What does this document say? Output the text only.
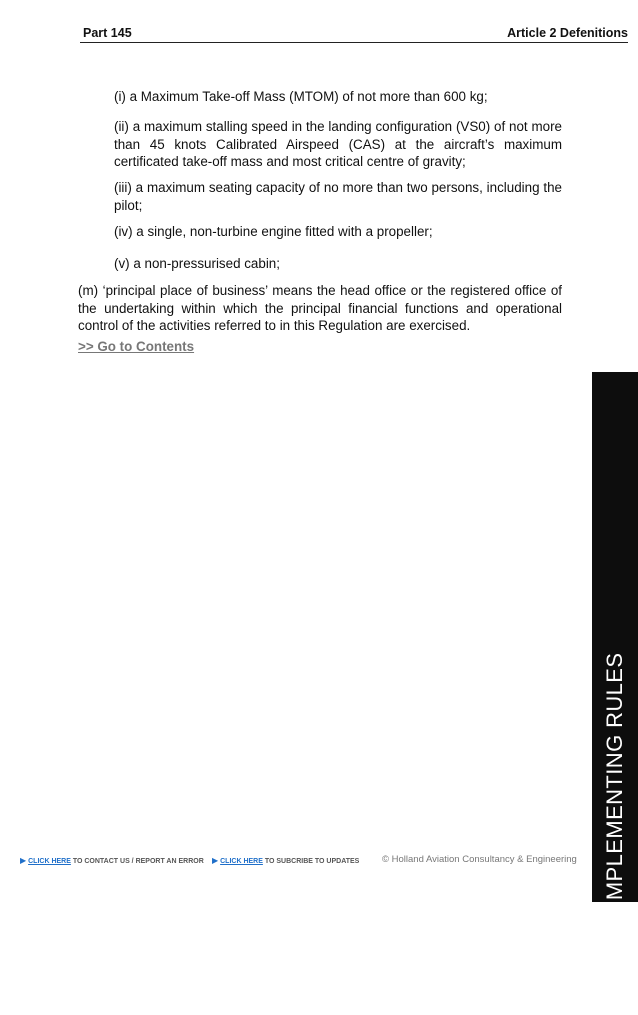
Part 145	Article 2 Defenitions

(i) a Maximum Take-off Mass (MTOM) of not more than 600 kg;

(ii) a maximum stalling speed in the landing configuration (VS0) of not more than 45 knots Calibrated Airspeed (CAS) at the aircraft’s maximum certificated take-off mass and most critical centre of gravity;

(iii) a maximum seating capacity of no more than two persons, including the pilot;

(iv) a single, non-turbine engine fitted with a propeller;

(v) a non-pressurised cabin;

(m) ‘principal place of business’ means the head office or the registered office of the undertaking within which the principal financial functions and operational control of the activities referred to in this Regulation are exercised.

>> Go to Contents

PART 145 IMPLEMENTING RULES
▶ CLICK HERE TO CONTACT US / REPORT AN ERROR ▶ CLICK HERE TO SUBCRIBE TO UPDATES © Holland Aviation Consultancy & Engineering
